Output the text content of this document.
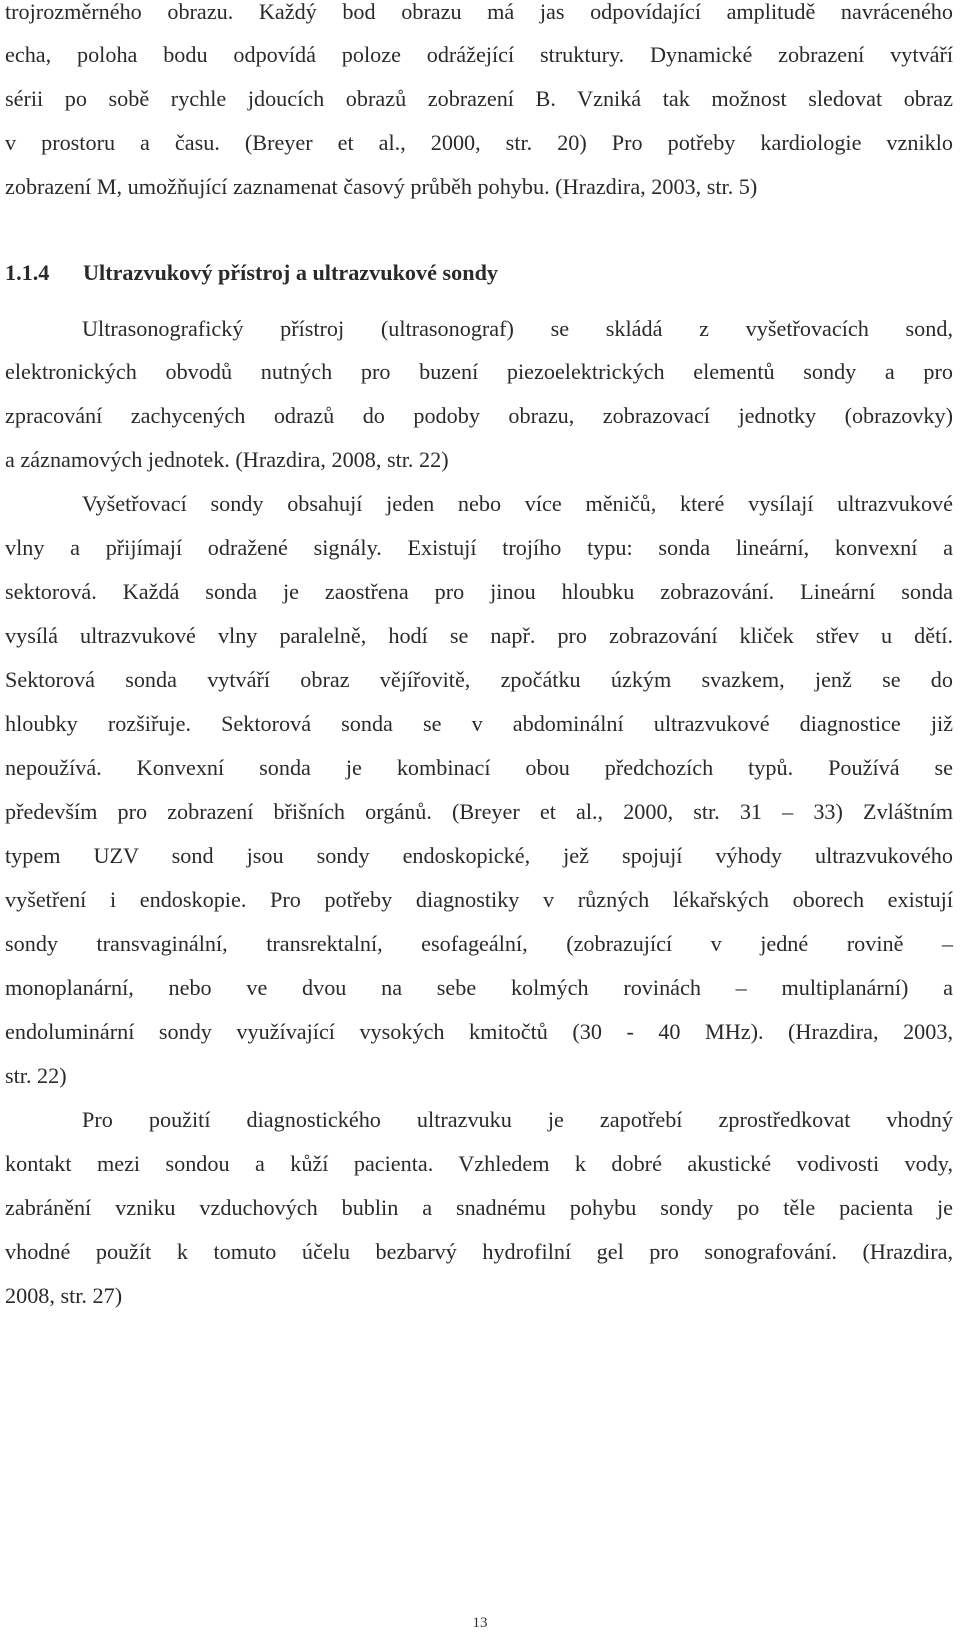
trojrozměrného obrazu. Každý bod obrazu má jas odpovídající amplitudě navráceného
echa, poloha bodu odpovídá poloze odrážející struktury. Dynamické zobrazení vytváří
sérii po sobě rychle jdoucích obrazů zobrazení B. Vzniká tak možnost sledovat obraz
v prostoru a času. (Breyer et al., 2000, str. 20) Pro potřeby kardiologie vzniklo
zobrazení M, umožňující zaznamenat časový průběh pohybu. (Hrazdira, 2003, str. 5)
1.1.4 Ultrazvukový přístroj a ultrazvukové sondy
Ultrasonografický přístroj (ultrasonograf) se skládá z vyšetřovacích sond,
elektronických obvodů nutných pro buzení piezoelektrických elementů sondy a pro
zpracování zachycených odrazů do podoby obrazu, zobrazovací jednotky (obrazovky)
a záznamových jednotek. (Hrazdira, 2008, str. 22)
Vyšetřovací sondy obsahují jeden nebo více měničů, které vysílají ultrazvukové
vlny a přijímají odražené signály. Existují trojího typu: sonda lineární, konvexní a
sektorová. Každá sonda je zaostřena pro jinou hloubku zobrazování. Lineární sonda
vysílá ultrazvukové vlny paralelně, hodí se např. pro zobrazování kliček střev u dětí.
Sektorová sonda vytváří obraz vějířovitě, zpočátku úzkým svazkem, jenž se do
hloubky rozšiřuje. Sektorová sonda se v abdominální ultrazvukové diagnostice již
nepoužívá. Konvexní sonda je kombinací obou předchozích typů. Používá se
především pro zobrazení břišních orgánů. (Breyer et al., 2000, str. 31 – 33) Zvláštním
typem UZV sond jsou sondy endoskopické, jež spojují výhody ultrazvukového
vyšetření i endoskopie. Pro potřeby diagnostiky v různých lékařských oborech existují
sondy transvaginální, transrektalní, esofageální, (zobrazující v jedné rovině –
monoplanární, nebo ve dvou na sebe kolmých rovinách – multiplanární) a
endoluminární sondy využívající vysokých kmitočtů (30 - 40 MHz). (Hrazdira, 2003,
str. 22)
Pro použití diagnostického ultrazvuku je zapotřebí zprostředkovat vhodný
kontakt mezi sondou a kůží pacienta. Vzhledem k dobré akustické vodivosti vody,
zabránění vzniku vzduchových bublin a snadnému pohybu sondy po těle pacienta je
vhodné použít k tomuto účelu bezbarvý hydrofilní gel pro sonografování. (Hrazdira,
2008, str. 27)
13
